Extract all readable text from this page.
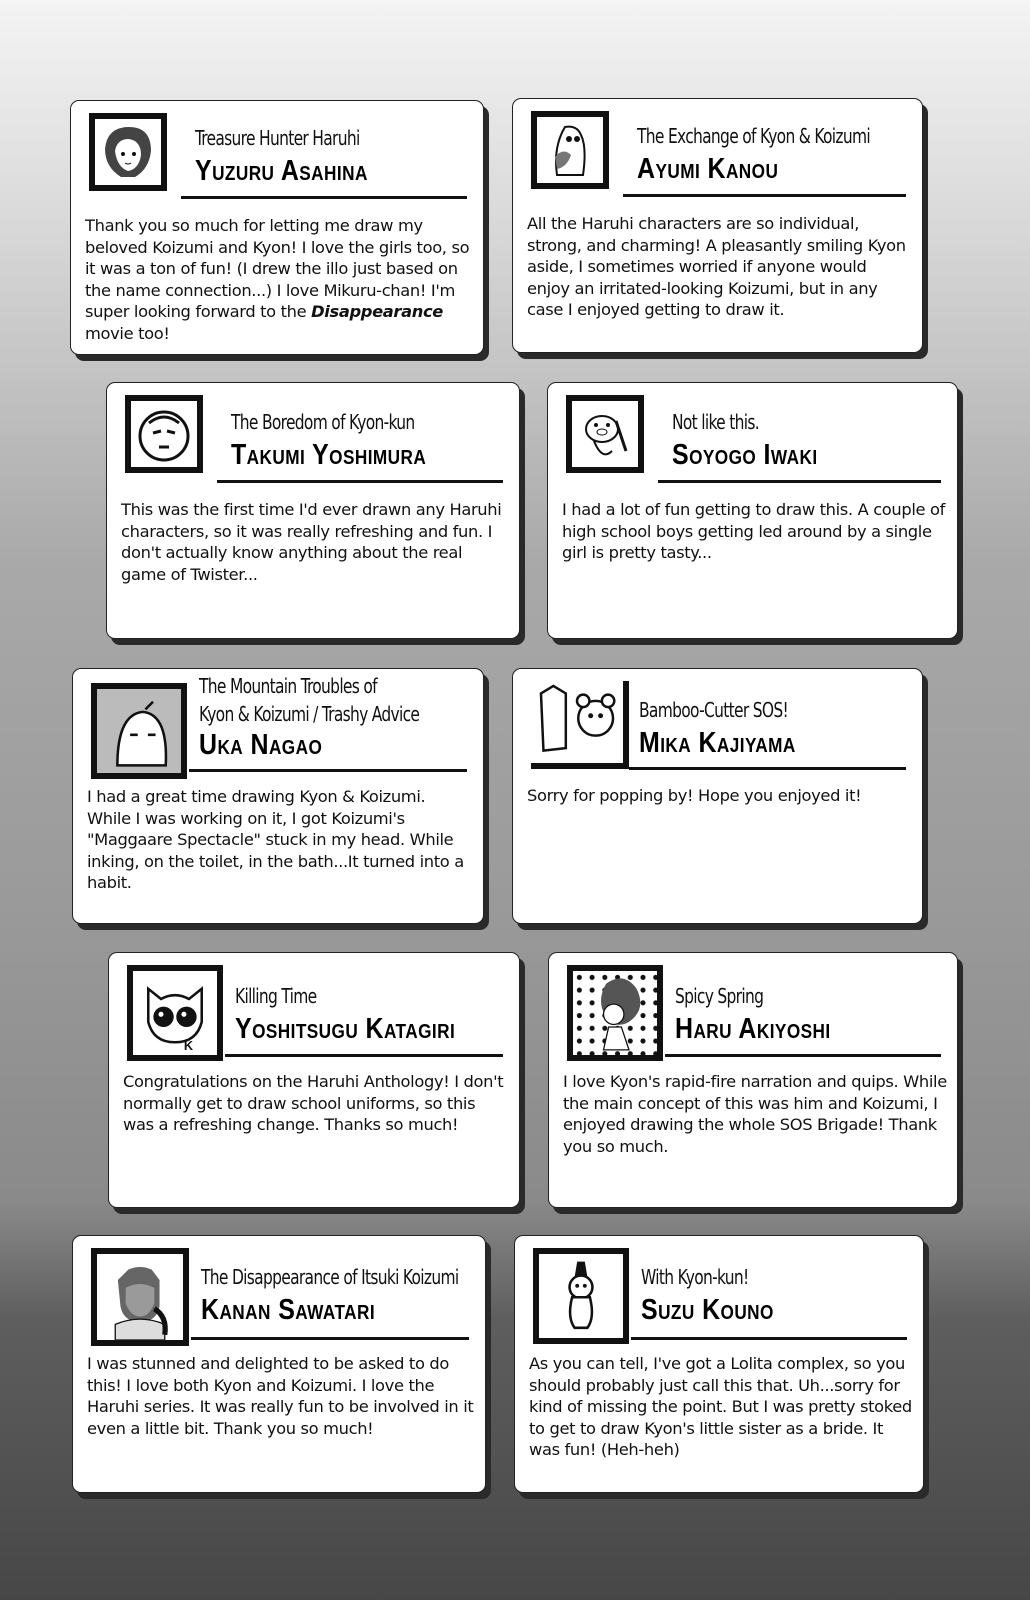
Treasure Hunter Haruhi
Yuzuru Asahina
Thank you so much for letting me draw my beloved Koizumi and Kyon! I love the girls too, so it was a ton of fun! (I drew the illo just based on the name connection...) I love Mikuru-chan! I'm super looking forward to the Disappearance movie too!
The Exchange of Kyon & Koizumi
Ayumi Kanou
All the Haruhi characters are so individual, strong, and charming! A pleasantly smiling Kyon aside, I sometimes worried if anyone would enjoy an irritated-looking Koizumi, but in any case I enjoyed getting to draw it.
The Boredom of Kyon-kun
Takumi Yoshimura
This was the first time I'd ever drawn any Haruhi characters, so it was really refreshing and fun. I don't actually know anything about the real game of Twister...
Not like this.
Soyogo Iwaki
I had a lot of fun getting to draw this. A couple of high school boys getting led around by a single girl is pretty tasty...
The Mountain Troubles of
Kyon & Koizumi / Trashy Advice
Uka Nagao
I had a great time drawing Kyon & Koizumi. While I was working on it, I got Koizumi's "Maggaare Spectacle" stuck in my head. While inking, on the toilet, in the bath...It turned into a habit.
Bamboo-Cutter SOS!
Mika Kajiyama
Sorry for popping by! Hope you enjoyed it!
K
Killing Time
Yoshitsugu Katagiri
Congratulations on the Haruhi Anthology! I don't normally get to draw school uniforms, so this was a refreshing change. Thanks so much!
Spicy Spring
Haru Akiyoshi
I love Kyon's rapid-fire narration and quips. While the main concept of this was him and Koizumi, I enjoyed drawing the whole SOS Brigade! Thank you so much.
The Disappearance of Itsuki Koizumi
Kanan Sawatari
I was stunned and delighted to be asked to do this! I love both Kyon and Koizumi. I love the Haruhi series. It was really fun to be involved in it even a little bit. Thank you so much!
With Kyon-kun!
Suzu Kouno
As you can tell, I've got a Lolita complex, so you should probably just call this that. Uh...sorry for kind of missing the point. But I was pretty stoked to get to draw Kyon's little sister as a bride. It was fun! (Heh-heh)
